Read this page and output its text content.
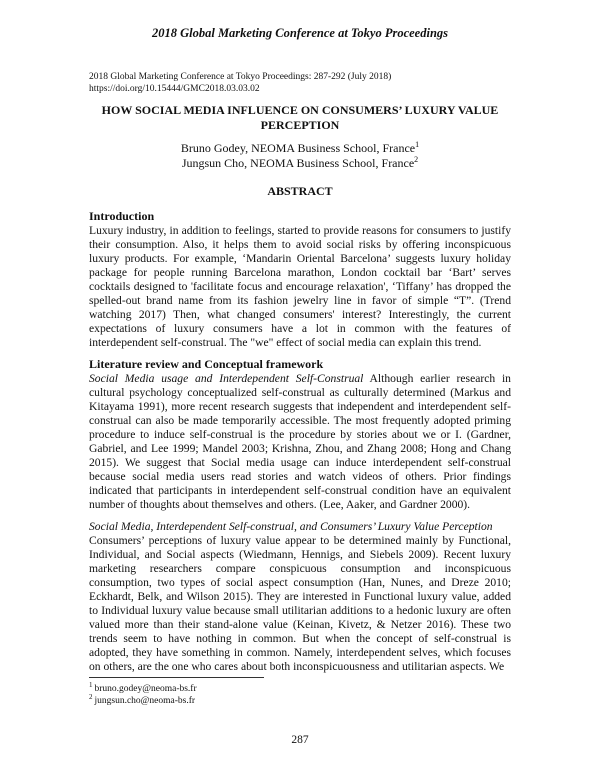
2018 Global Marketing Conference at Tokyo Proceedings
2018 Global Marketing Conference at Tokyo Proceedings: 287-292 (July 2018)
https://doi.org/10.15444/GMC2018.03.03.02
HOW SOCIAL MEDIA INFLUENCE ON CONSUMERS’ LUXURY VALUE PERCEPTION
Bruno Godey, NEOMA Business School, France$^1$
Jungsun Cho, NEOMA Business School, France$^2$
ABSTRACT

Introduction

Luxury industry, in addition to feelings, started to provide reasons for consumers to justify their consumption. Also, it helps them to avoid social risks by offering inconspicuous luxury products. For example, ‘Mandarin Oriental Barcelona’ suggests luxury holiday package for people running Barcelona marathon, London cocktail bar ‘Bart’ serves cocktails designed to 'facilitate focus and encourage relaxation', ‘Tiffany’ has dropped the spelled-out brand name from its fashion jewelry line in favor of simple “T”. (Trend watching 2017) Then, what changed consumers' interest? Interestingly, the current expectations of luxury consumers have a lot in common with the features of interdependent self-construal. The "we" effect of social media can explain this trend.

Literature review and Conceptual framework

Social Media usage and Interdependent Self-Construal Although earlier research in cultural psychology conceptualized self-construal as culturally determined (Markus and Kitayama 1991), more recent research suggests that independent and interdependent self-construal can also be made temporarily accessible. The most frequently adopted priming procedure to induce self-construal is the procedure by stories about we or I. (Gardner, Gabriel, and Lee 1999; Mandel 2003; Krishna, Zhou, and Zhang 2008; Hong and Chang 2015). We suggest that Social media usage can induce interdependent self-construal because social media users read stories and watch videos of others. Prior findings indicated that participants in interdependent self-construal condition have an equivalent number of thoughts about themselves and others. (Lee, Aaker, and Gardner 2000).

Social Media, Interdependent Self-construal, and Consumers’ Luxury Value Perception

Consumers’ perceptions of luxury value appear to be determined mainly by Functional, Individual, and Social aspects (Wiedmann, Hennigs, and Siebels 2009). Recent luxury marketing researchers compare conspicuous consumption and inconspicuous consumption, two types of social aspect consumption (Han, Nunes, and Dreze 2010; Eckhardt, Belk, and Wilson 2015). They are interested in Functional luxury value, added to Individual luxury value because small utilitarian additions to a hedonic luxury are often valued more than their stand-alone value (Keinan, Kivetz, & Netzer 2016). These two trends seem to have nothing in common. But when the concept of self-construal is adopted, they have something in common. Namely, interdependent selves, which focuses on others, are the one who cares about both inconspicuousness and utilitarian aspects. We

$^1$ bruno.godey@neoma-bs.fr
$^2$ jungsun.cho@neoma-bs.fr
287
